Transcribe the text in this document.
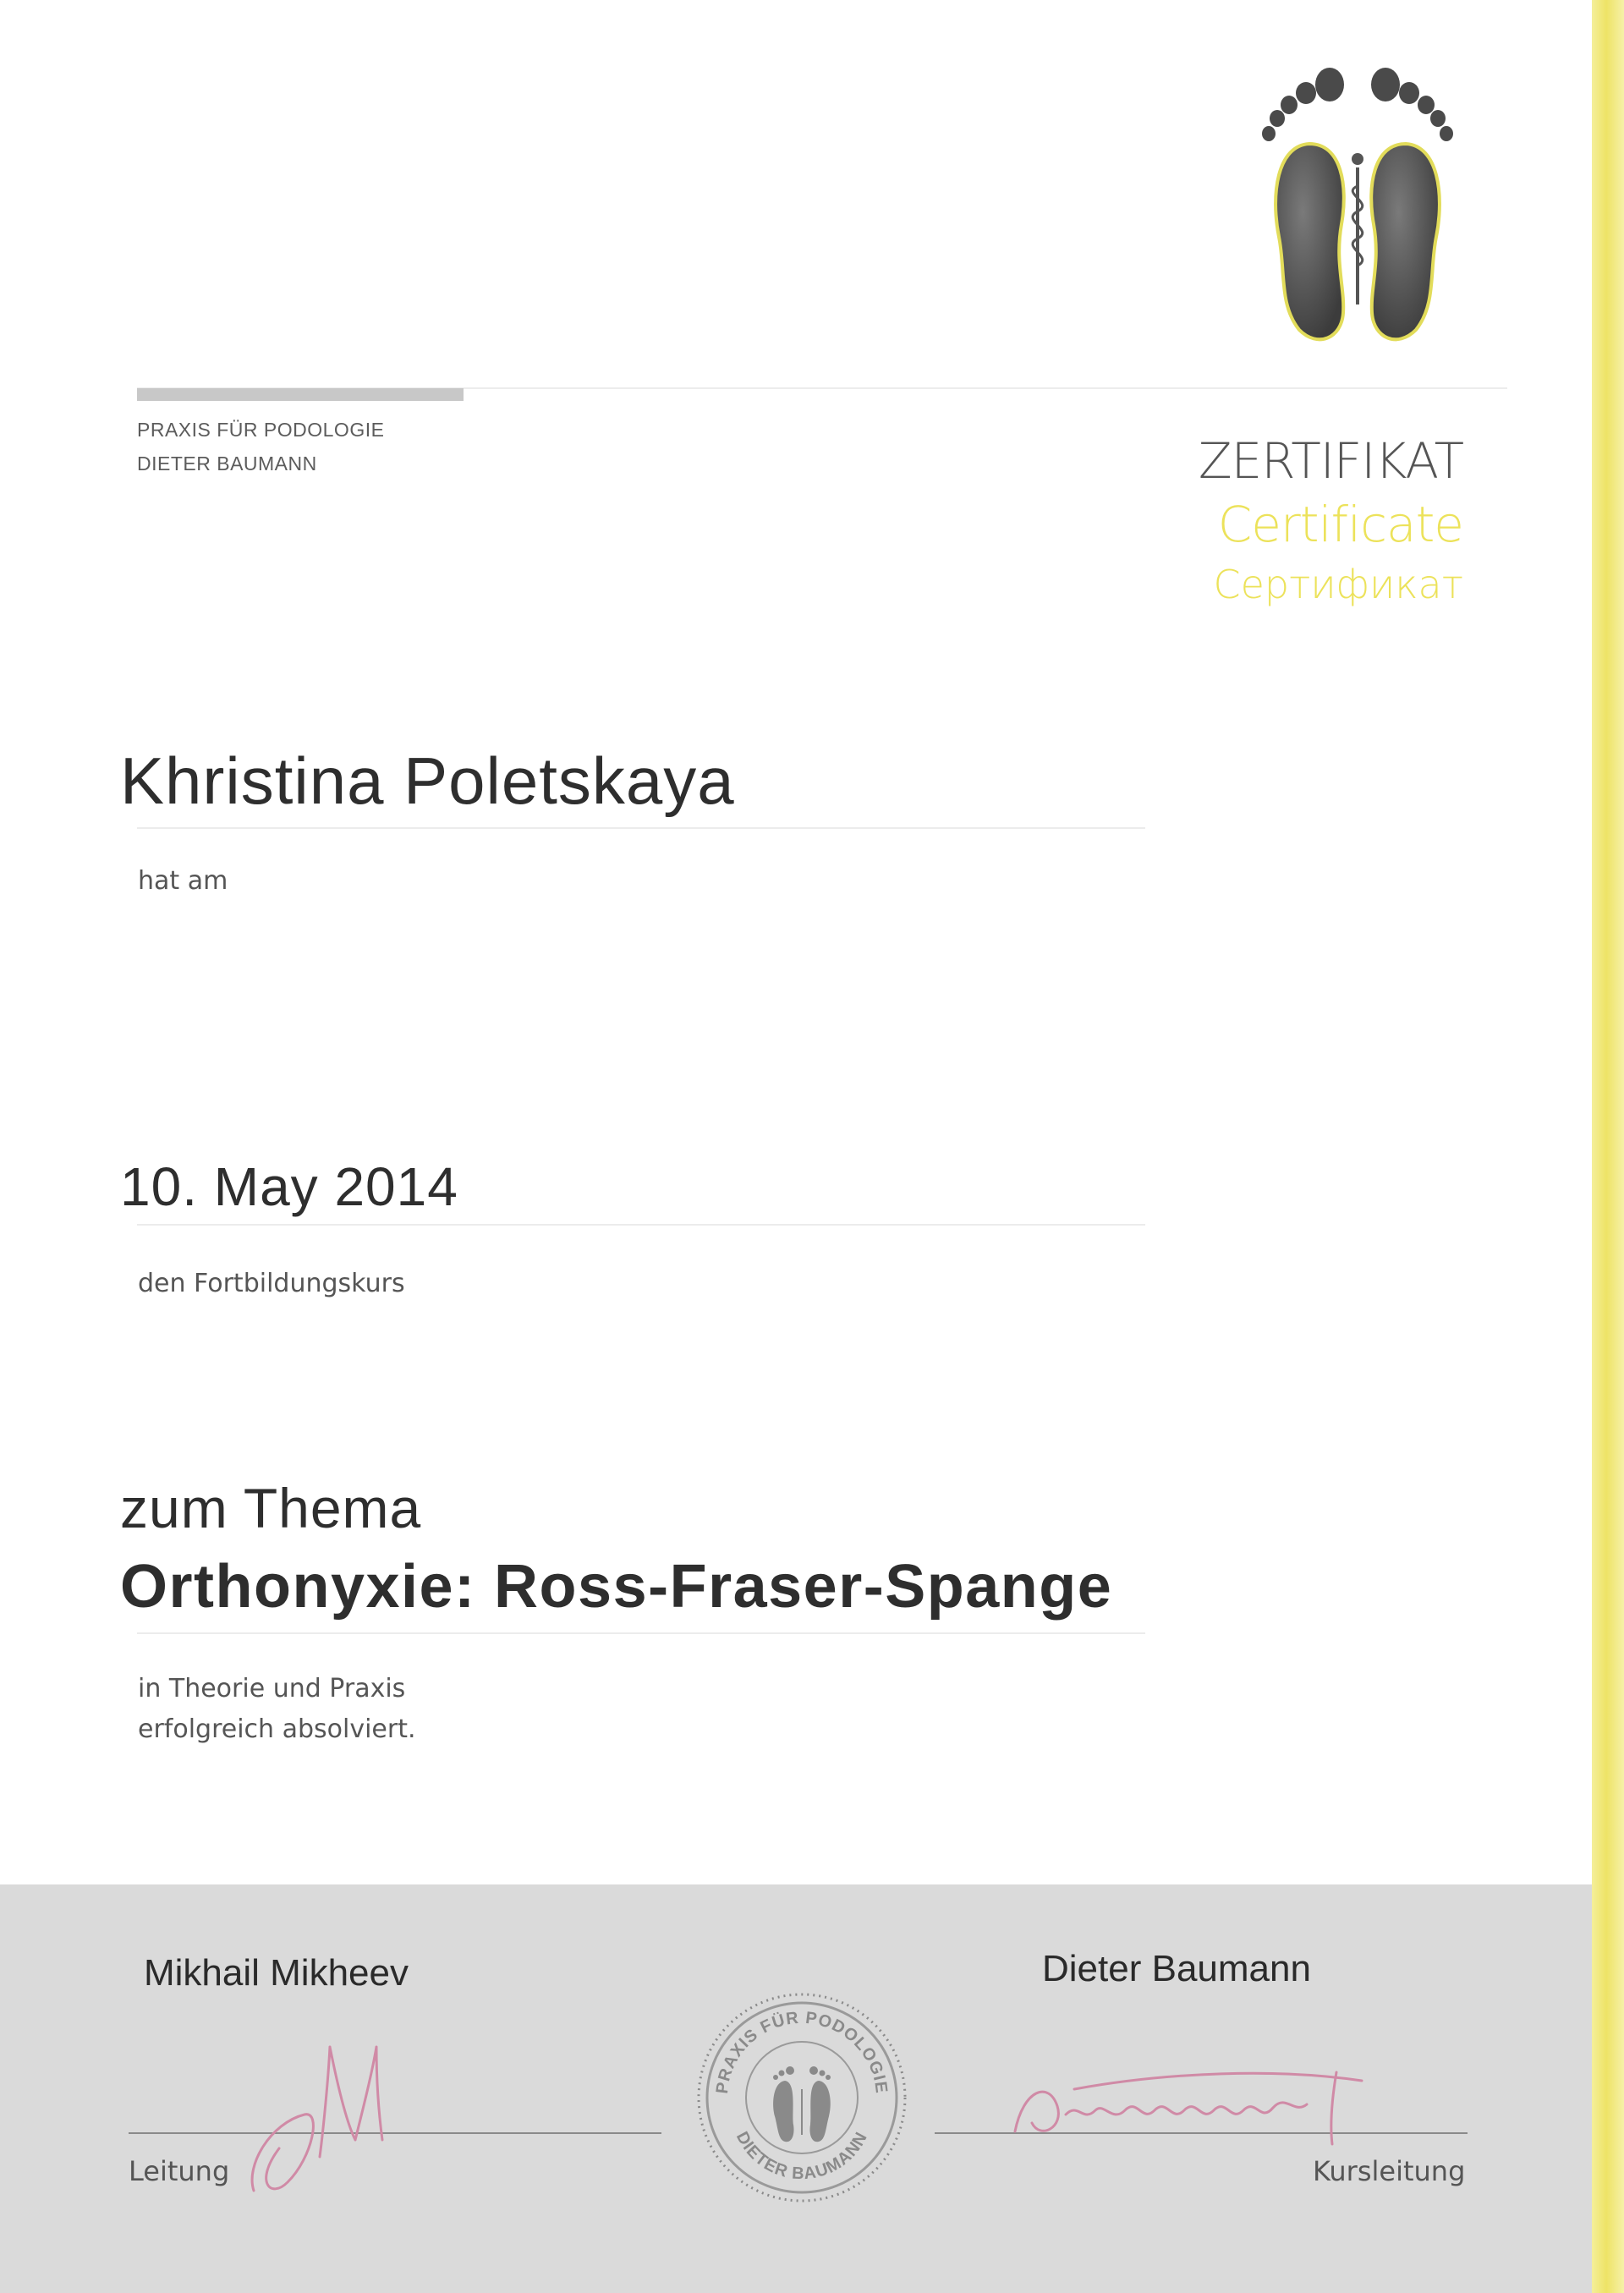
PRAXIS FÜR PODOLOGIE
DIETER BAUMANN	ZERTIFIKAT
Certificate
Сертификат
Khristina Poletskaya
hat am
10. May 2014
den Fortbildungskurs
zum Thema
Orthonyxie: Ross-Fraser-Spange
in Theorie und Praxis
erfolgreich absolviert.
Mikhail Mikheev	Dieter Baumann
Leitung	Kursleitung
PRAXIS FÜR PODOLOGIE
DIETER BAUMANN
